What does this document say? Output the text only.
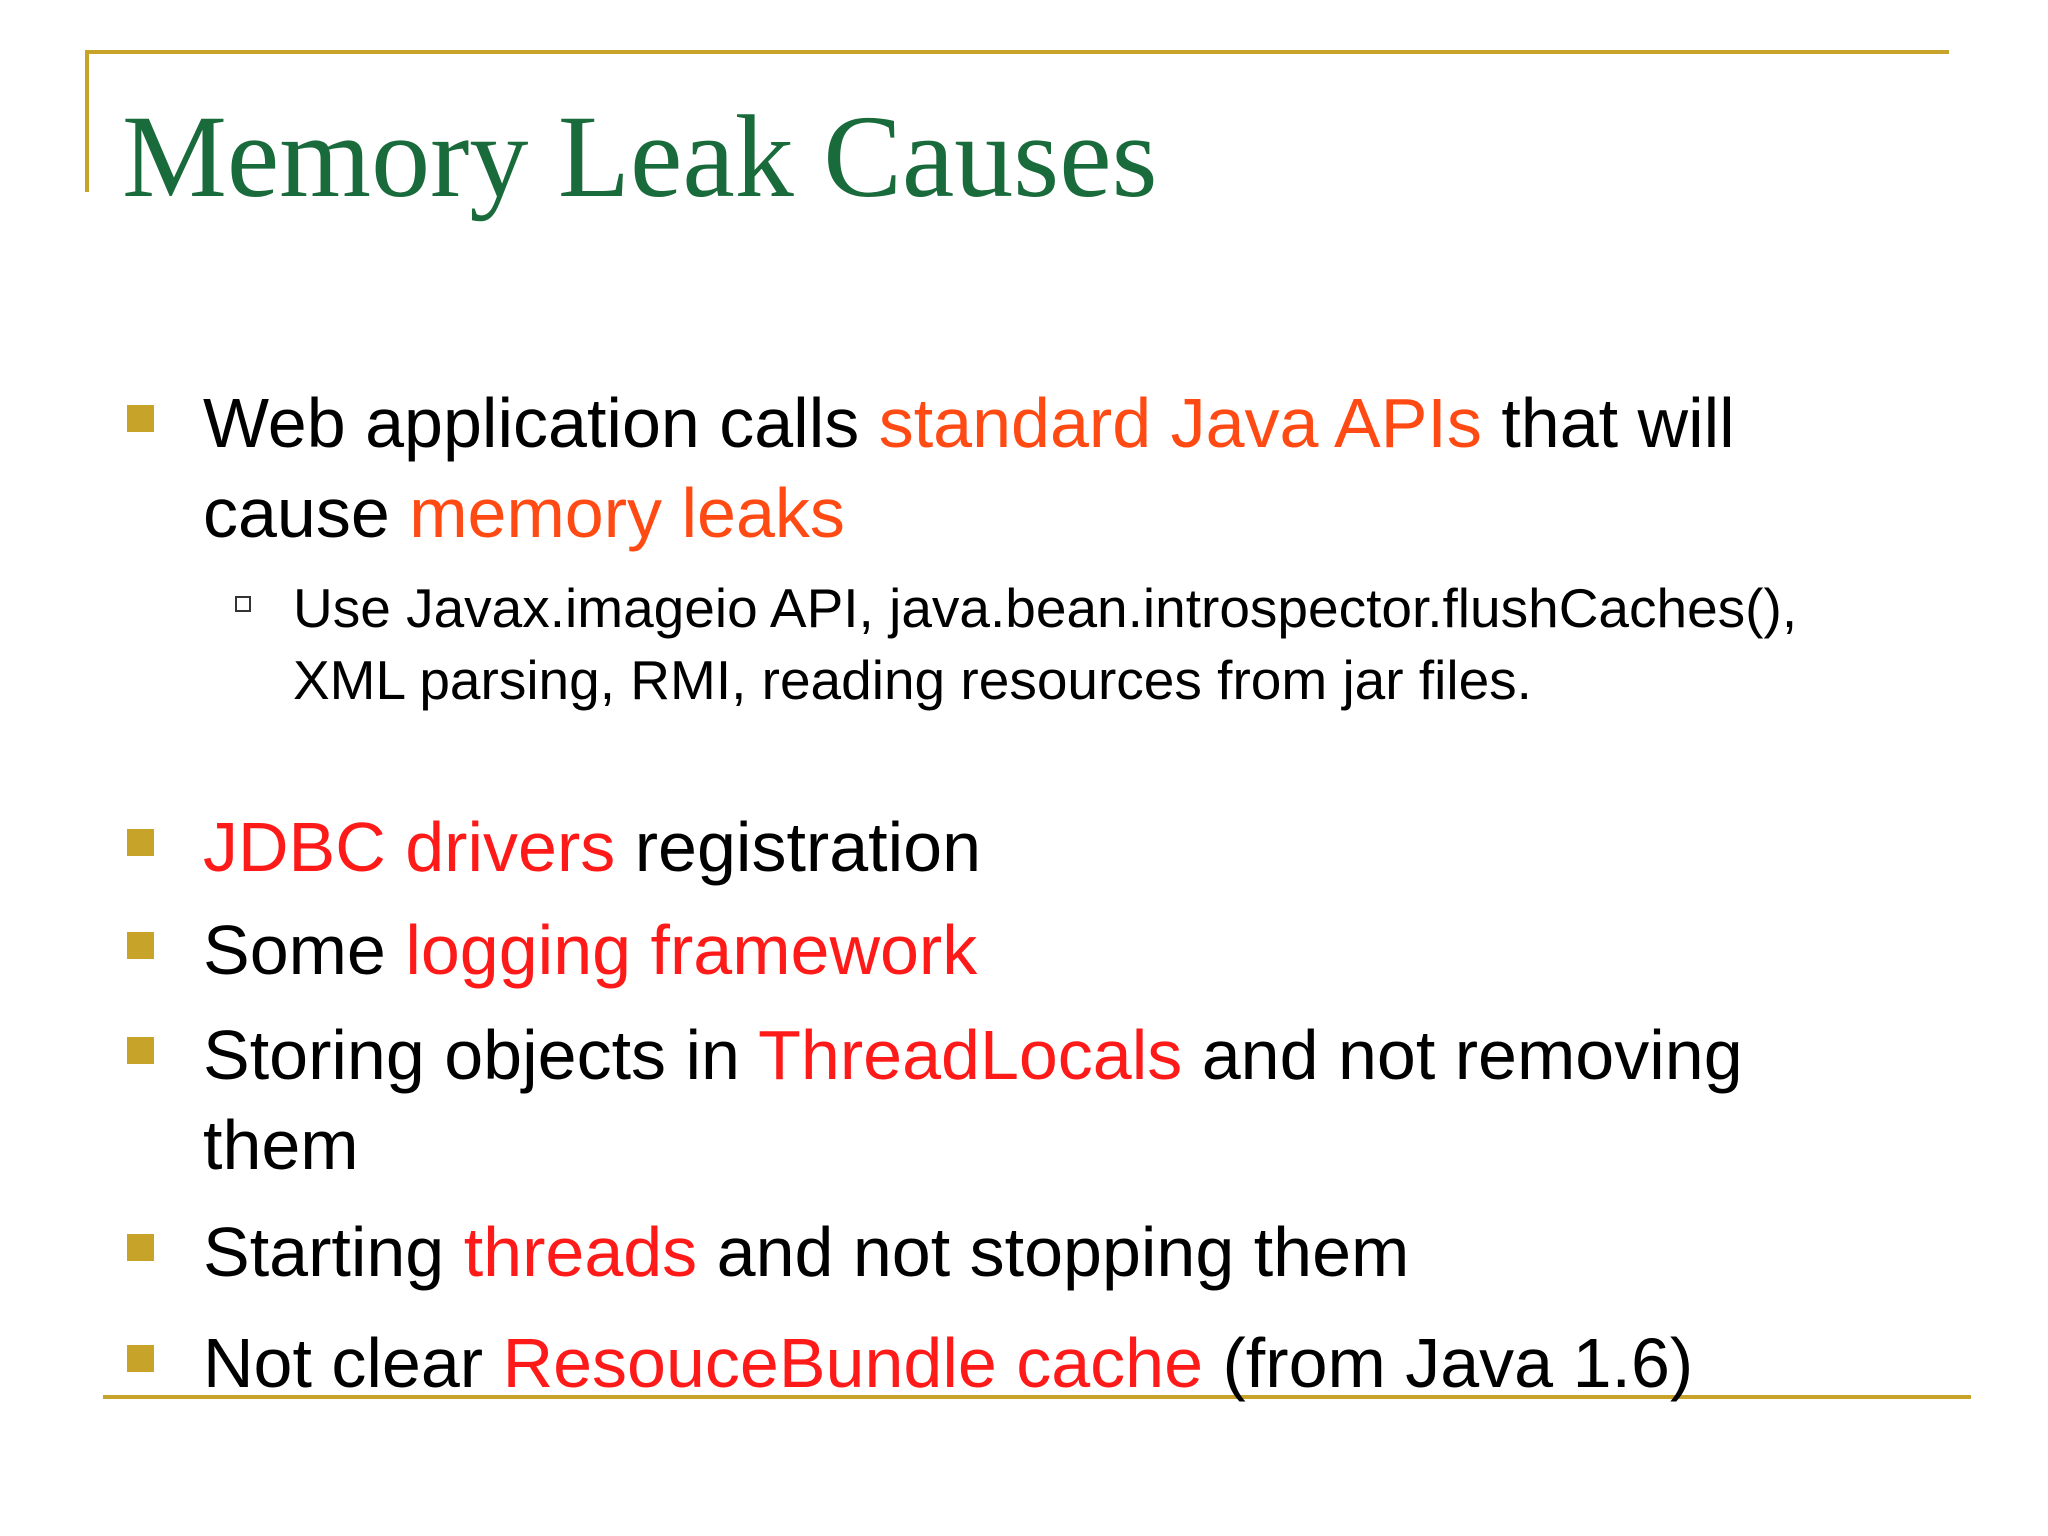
Memory Leak Causes
Web application calls standard Java APIs that will cause memory leaks
Use Javax.imageio API, java.bean.introspector.flushCaches(), XML parsing, RMI, reading resources from jar files.
JDBC drivers registration
Some logging framework
Storing objects in ThreadLocals and not removing them
Starting threads and not stopping them
Not clear ResouceBundle cache (from Java 1.6)
